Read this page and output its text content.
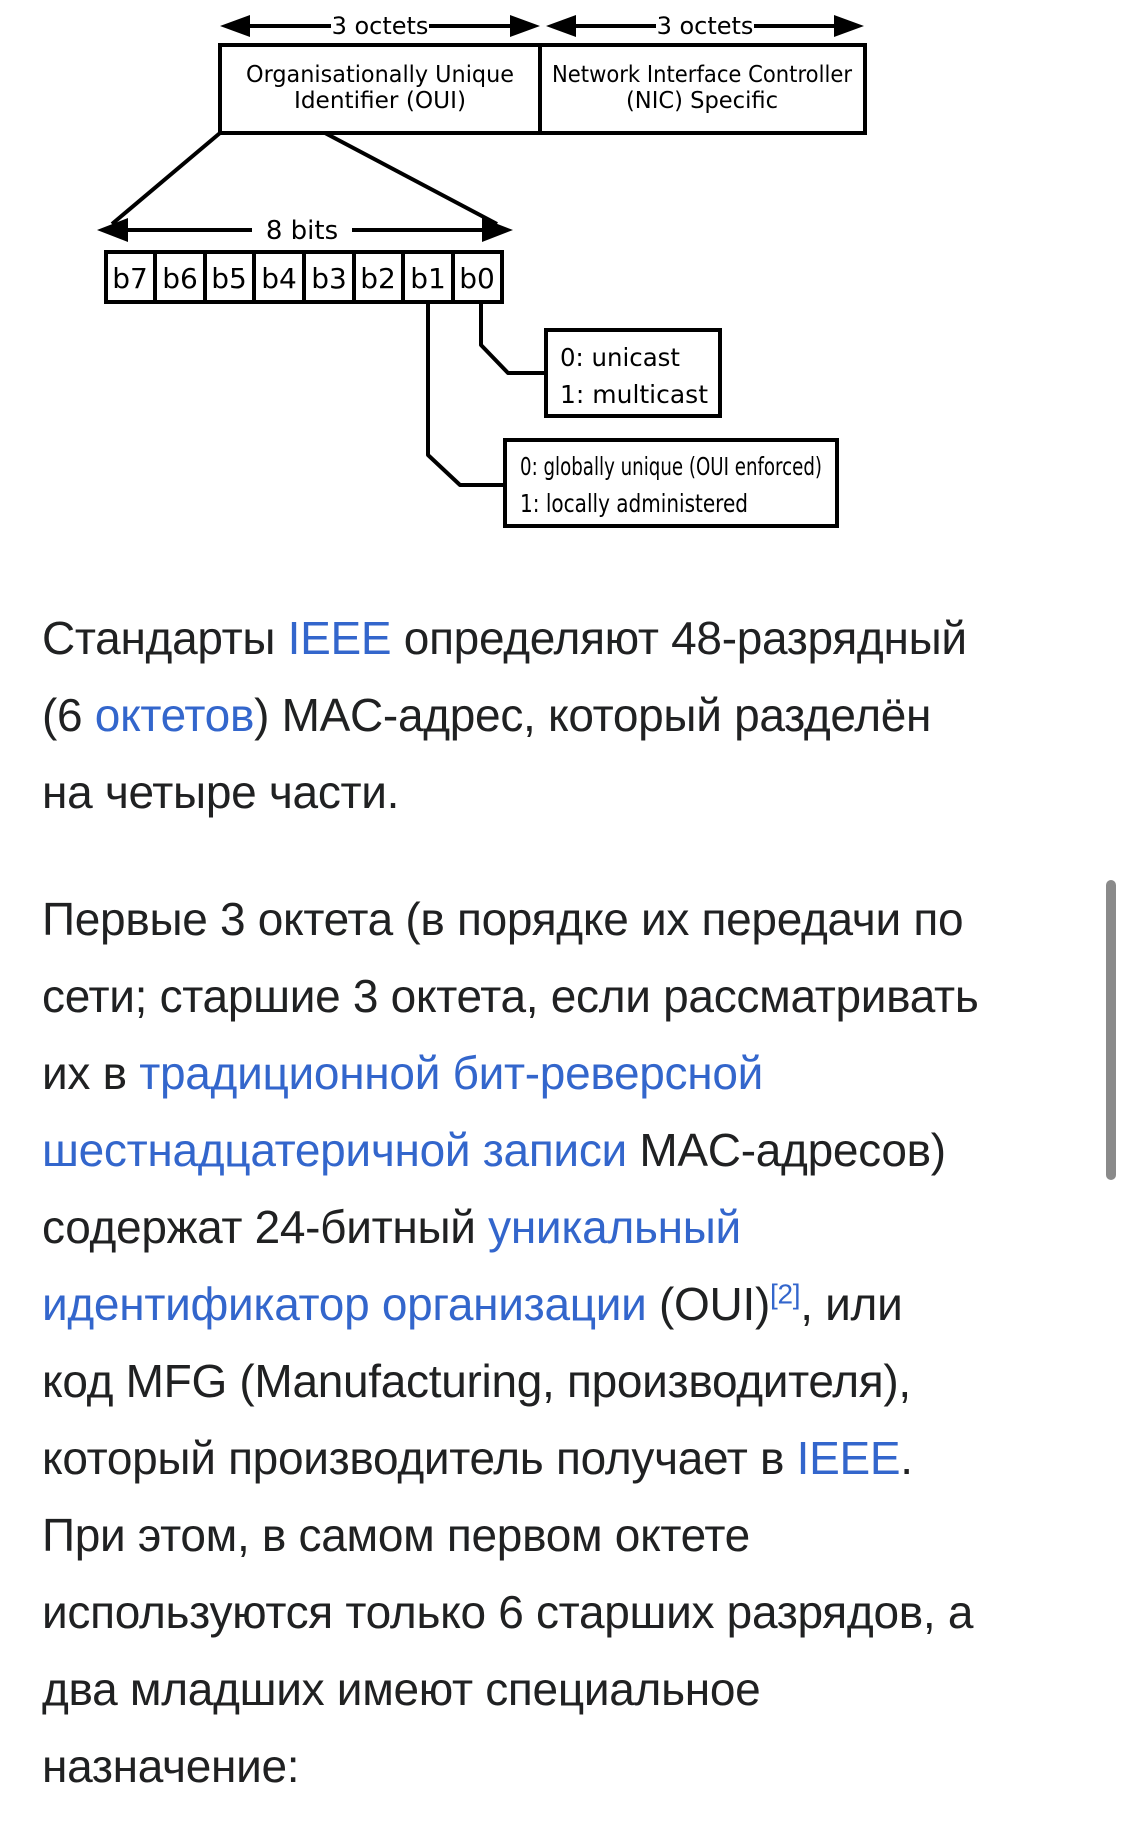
3 octets	3 octets
Organisationally Unique
Identifier (OUI)
Network Interface Controller
(NIC) Specific
8 bits
b7 b6 b5 b4 b3 b2 b1 b0
0: unicast
1: multicast
0: globally unique (OUI enforced)
1: locally administered
Стандарты IEEE определяют 48-разрядный
(6 октетов) MAC-адрес, который разделён
на четыре части.
Первые 3 октета (в порядке их передачи по
сети; старшие 3 октета, если рассматривать
их в традиционной бит-реверсной
шестнадцатеричной записи MAC-адресов)
содержат 24-битный уникальный
идентификатор организации (OUI)[2], или
код MFG (Manufacturing, производителя),
который производитель получает в IEEE.
При этом, в самом первом октете
используются только 6 старших разрядов, а
два младших имеют специальное
назначение:
